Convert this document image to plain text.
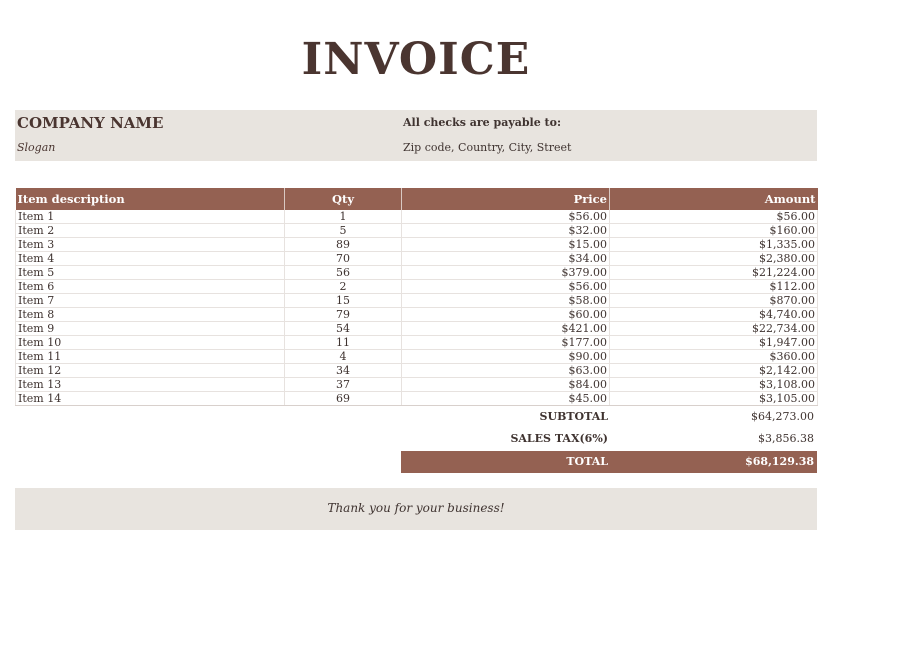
INVOICE
COMPANY NAME
Slogan
All checks are payable to:
Zip code, Country, City, Street
Item description	Qty	Price	Amount
Item 1	1	$56.00	$56.00
Item 2	5	$32.00	$160.00
Item 3	89	$15.00	$1,335.00
Item 4	70	$34.00	$2,380.00
Item 5	56	$379.00	$21,224.00
Item 6	2	$56.00	$112.00
Item 7	15	$58.00	$870.00
Item 8	79	$60.00	$4,740.00
Item 9	54	$421.00	$22,734.00
Item 10	11	$177.00	$1,947.00
Item 11	4	$90.00	$360.00
Item 12	34	$63.00	$2,142.00
Item 13	37	$84.00	$3,108.00
Item 14	69	$45.00	$3,105.00
SUBTOTAL	$64,273.00
SALES TAX(6%)	$3,856.38
TOTAL	$68,129.38
Thank you for your business!
